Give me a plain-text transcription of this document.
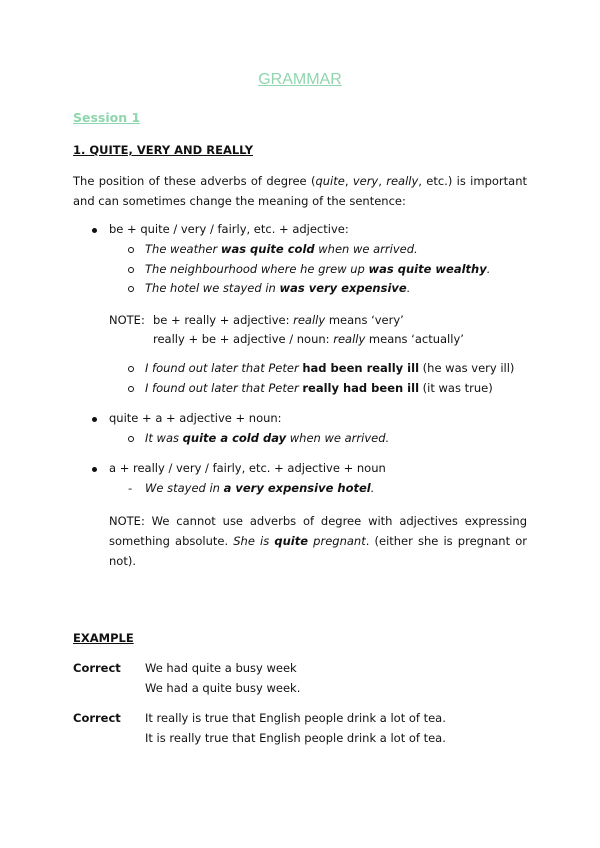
GRAMMAR
Session 1
1. QUITE, VERY AND REALLY
The position of these adverbs of degree (quite, very, really, etc.) is important and can sometimes change the meaning of the sentence:
be + quite / very / fairly, etc. + adjective:
The weather was quite cold when we arrived.
The neighbourhood where he grew up was quite wealthy.
The hotel we stayed in was very expensive.
NOTE: be + really + adjective: really means ‘very’
really + be + adjective / noun: really means ‘actually’
I found out later that Peter had been really ill (he was very ill)
I found out later that Peter really had been ill (it was true)
quite + a + adjective + noun:
It was quite a cold day when we arrived.
a + really / very / fairly, etc. + adjective + noun
- We stayed in a very expensive hotel.
NOTE: We cannot use adverbs of degree with adjectives expressing something absolute. She is quite pregnant. (either she is pregnant or not).
EXAMPLE
Correct We had quite a busy week
We had a quite busy week.
Correct It really is true that English people drink a lot of tea.
It is really true that English people drink a lot of tea.
